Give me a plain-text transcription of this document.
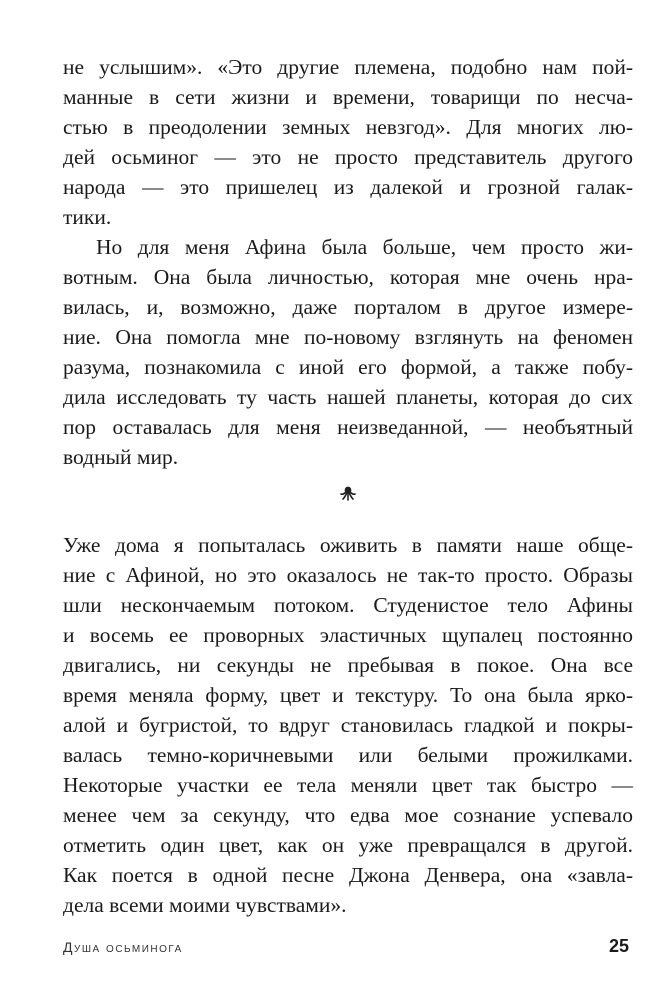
не услышим». «Это другие племена, подобно нам пой-
манные в сети жизни и времени, товарищи по несча-
стью в преодолении земных невзгод». Для многих лю-
дей осьминог — это не просто представитель другого
народа — это пришелец из далекой и грозной галак-
тики.
Но для меня Афина была больше, чем просто жи-
вотным. Она была личностью, которая мне очень нра-
вилась, и, возможно, даже порталом в другое измере-
ние. Она помогла мне по-новому взглянуть на феномен
разума, познакомила с иной его формой, а также побу-
дила исследовать ту часть нашей планеты, которая до сих
пор оставалась для меня неизведанной, — необъятный
водный мир.
Уже дома я попыталась оживить в памяти наше обще-
ние с Афиной, но это оказалось не так-то просто. Образы
шли нескончаемым потоком. Студенистое тело Афины
и восемь ее проворных эластичных щупалец постоянно
двигались, ни секунды не пребывая в покое. Она все
время меняла форму, цвет и текстуру. То она была ярко-
алой и бугристой, то вдруг становилась гладкой и покры-
валась темно-коричневыми или белыми прожилками.
Некоторые участки ее тела меняли цвет так быстро —
менее чем за секунду, что едва мое сознание успевало
отметить один цвет, как он уже превращался в другой.
Как поется в одной песне Джона Денвера, она «завла-
дела всеми моими чувствами».
Душа осьминога	25
